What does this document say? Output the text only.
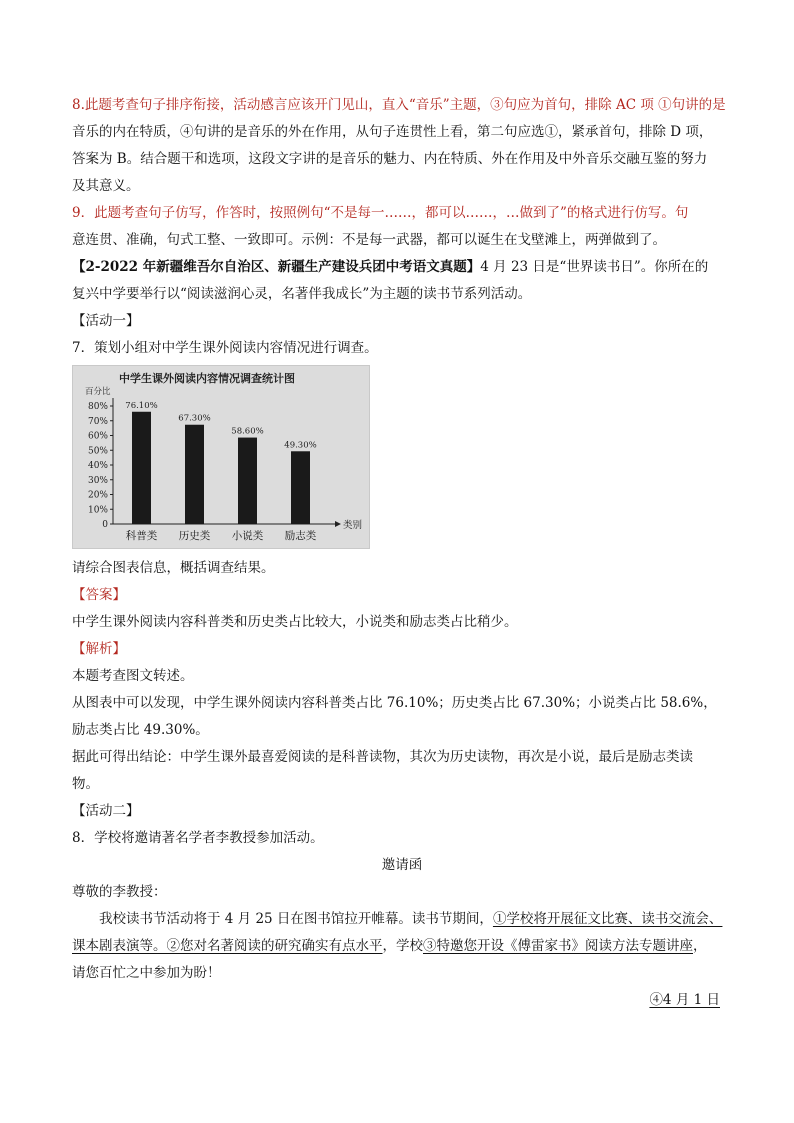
8.此题考查句子排序衔接，活动感言应该开门见山，直入“音乐”主题，③句应为首句，排除 AC 项 ①句讲的是

音乐的内在特质，④句讲的是音乐的外在作用，从句子连贯性上看，第二句应选①，紧承首句，排除 D 项，

答案为 B。结合题干和选项，这段文字讲的是音乐的魅力、内在特质、外在作用及中外音乐交融互鉴的努力

及其意义。

9．此题考查句子仿写，作答时，按照例句“不是每一……，都可以……，…做到了”的格式进行仿写。句

意连贯、准确，句式工整、一致即可。示例：不是每一武器，都可以诞生在戈壁滩上，两弹做到了。

【2-2022 年新疆维吾尔自治区、新疆生产建设兵团中考语文真题】4 月 23 日是“世界读书日”。你所在的

复兴中学要举行以“阅读滋润心灵，名著伴我成长”为主题的读书节系列活动。

【活动一】

7．策划小组对中学生课外阅读内容情况进行调查。

中学生课外阅读内容情况调查统计图
百分比
0
10%
20%
30%
40%
50%
60%
70%
80%
类别
76.10%
科普类
67.30%
历史类
58.60%
小说类
49.30%
励志类

请综合图表信息，概括调查结果。

【答案】

中学生课外阅读内容科普类和历史类占比较大，小说类和励志类占比稍少。

【解析】

本题考查图文转述。

从图表中可以发现，中学生课外阅读内容科普类占比 76.10%；历史类占比 67.30%；小说类占比 58.6%，

励志类占比 49.30%。

据此可得出结论：中学生课外最喜爱阅读的是科普读物，其次为历史读物，再次是小说，最后是励志类读

物。

【活动二】

8．学校将邀请著名学者李教授参加活动。

邀请函

尊敬的李教授：

我校读书节活动将于 4 月 25 日在图书馆拉开帷幕。读书节期间，①学校将开展征文比赛、读书交流会、

课本剧表演等。②您对名著阅读的研究确实有点水平，学校③特邀您开设《傅雷家书》阅读方法专题讲座，

请您百忙之中参加为盼！

④4 月 1 日
